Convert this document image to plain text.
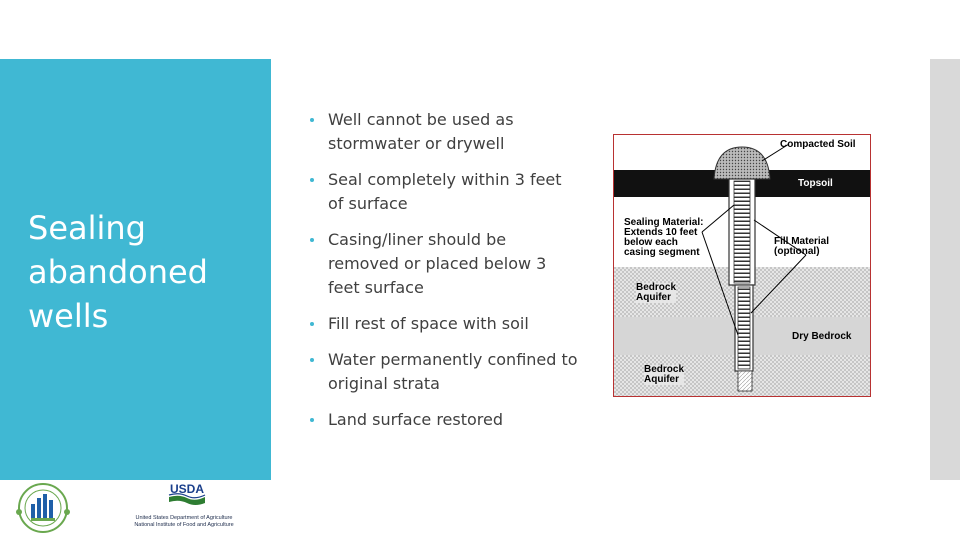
Sealing abandoned wells
Well cannot be used as stormwater or drywell
Seal completely within 3 feet of surface
Casing/liner should be removed or placed below 3 feet surface
Fill rest of space with soil
Water permanently confined to original strata
Land surface restored
Compacted Soil
Topsoil
Sealing Material:
Extends 10 feet
below each
casing segment
Fill Material
(optional)
Bedrock
Aquifer
Dry Bedrock
Bedrock
Aquifer
USDA
United States Department of Agriculture
National Institute of Food and Agriculture
